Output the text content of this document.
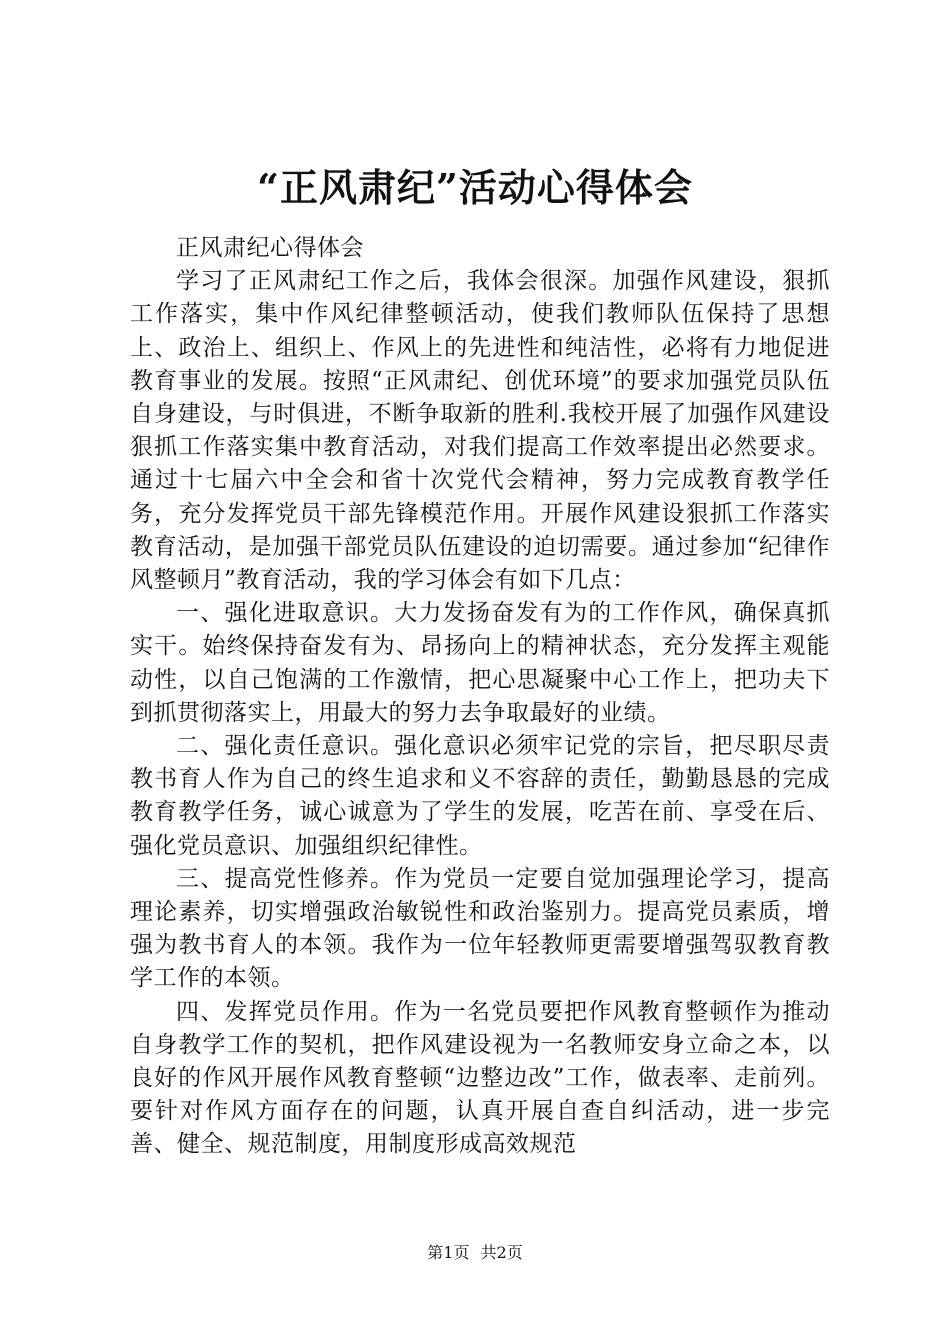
“正风肃纪”活动心得体会

正风肃纪心得体会

学习了正风肃纪工作之后，我体会很深。加强作风建设，狠抓工作落实，集中作风纪律整顿活动，使我们教师队伍保持了思想上、政治上、组织上、作风上的先进性和纯洁性，必将有力地促进教育事业的发展。按照“正风肃纪、创优环境”的要求加强党员队伍自身建设，与时俱进，不断争取新的胜利.我校开展了加强作风建设狠抓工作落实集中教育活动，对我们提高工作效率提出必然要求。通过十七届六中全会和省十次党代会精神，努力完成教育教学任务，充分发挥党员干部先锋模范作用。开展作风建设狠抓工作落实教育活动，是加强干部党员队伍建设的迫切需要。通过参加“纪律作风整顿月”教育活动，我的学习体会有如下几点：

一、强化进取意识。大力发扬奋发有为的工作作风，确保真抓实干。始终保持奋发有为、昂扬向上的精神状态，充分发挥主观能动性，以自己饱满的工作激情，把心思凝聚中心工作上，把功夫下到抓贯彻落实上，用最大的努力去争取最好的业绩。

二、强化责任意识。强化意识必须牢记党的宗旨，把尽职尽责教书育人作为自己的终生追求和义不容辞的责任，勤勤恳恳的完成教育教学任务，诚心诚意为了学生的发展，吃苦在前、享受在后、强化党员意识、加强组织纪律性。

三、提高党性修养。作为党员一定要自觉加强理论学习，提高理论素养，切实增强政治敏锐性和政治鉴别力。提高党员素质，增强为教书育人的本领。我作为一位年轻教师更需要增强驾驭教育教学工作的本领。

四、发挥党员作用。作为一名党员要把作风教育整顿作为推动自身教学工作的契机，把作风建设视为一名教师安身立命之本，以良好的作风开展作风教育整顿“边整边改”工作，做表率、走前列。要针对作风方面存在的问题，认真开展自查自纠活动，进一步完善、健全、规范制度，用制度形成高效规范

第1页 共2页
